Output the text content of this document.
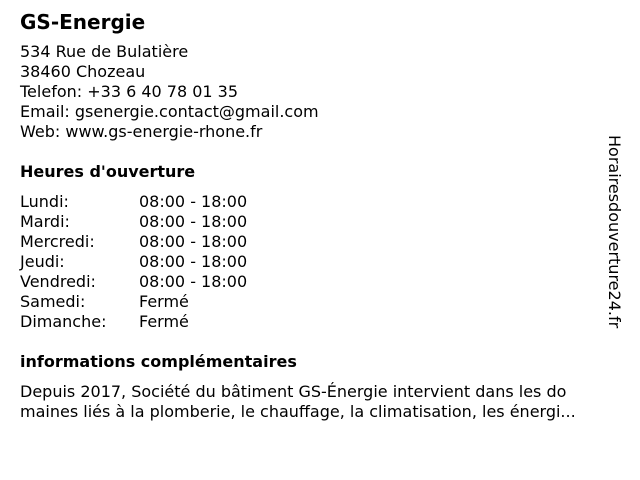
GS-Energie
534 Rue de Bulatière
38460 Chozeau
Telefon: +33 6 40 78 01 35
Email: gsenergie.contact@gmail.com
Web: www.gs-energie-rhone.fr
Heures d'ouverture
Lundi:	08:00 - 18:00
Mardi:	08:00 - 18:00
Mercredi:	08:00 - 18:00
Jeudi:	08:00 - 18:00
Vendredi:	08:00 - 18:00
Samedi:	Fermé
Dimanche:	Fermé
informations complémentaires
Depuis 2017, Société du bâtiment GS-Énergie intervient dans les do
maines liés à la plomberie, le chauffage, la climatisation, les énergi...
Horairesdouverture24.fr
